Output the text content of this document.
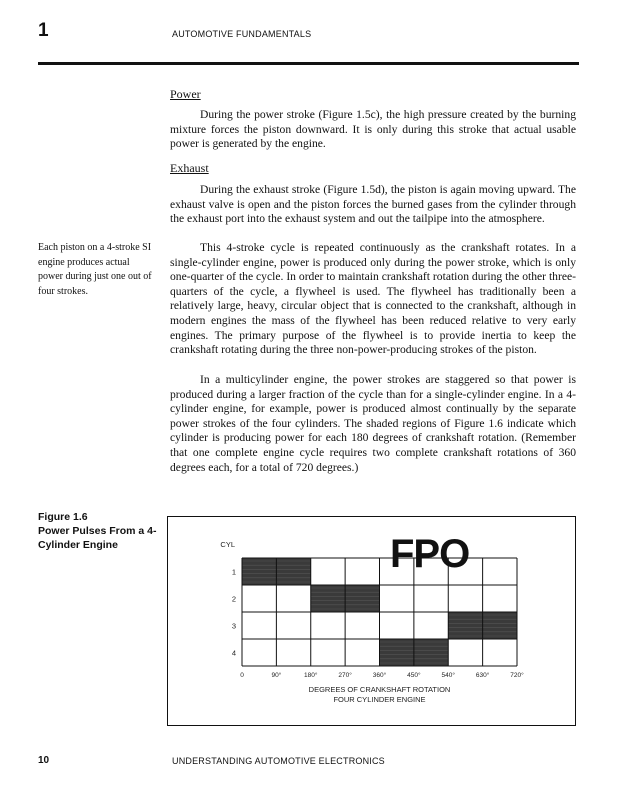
1	AUTOMOTIVE FUNDAMENTALS
Power

During the power stroke (Figure 1.5c), the high pressure created by the burning mixture forces the piston downward. It is only during this stroke that actual usable power is generated by the engine.

Exhaust

During the exhaust stroke (Figure 1.5d), the piston is again moving upward. The exhaust valve is open and the piston forces the burned gases from the cylinder through the exhaust port into the exhaust system and out the tailpipe into the atmosphere.

This 4-stroke cycle is repeated continuously as the crankshaft rotates. In a single-cylinder engine, power is produced only during the power stroke, which is only one-quarter of the cycle. In order to maintain crankshaft rotation during the other three-quarters of the cycle, a flywheel is used. The flywheel has traditionally been a relatively large, heavy, circular object that is connected to the crankshaft, although in modern engines the mass of the flywheel has been reduced relative to very early engines. The primary purpose of the flywheel is to provide inertia to keep the crankshaft rotating during the three non-power-producing strokes of the piston.

In a multicylinder engine, the power strokes are staggered so that power is produced during a larger fraction of the cycle than for a single-cylinder engine. In a 4-cylinder engine, for example, power is produced almost continually by the separate power strokes of the four cylinders. The shaded regions of Figure 1.6 indicate which cylinder is producing power for each 180 degrees of crankshaft rotation. (Remember that one complete engine cycle requires two complete crankshaft rotations of 360 degrees each, for a total of 720 degrees.)

Each piston on a 4-stroke SI engine produces actual power during just one out of four strokes.
Figure 1.6
Power Pulses From a 4-Cylinder Engine	CYL
1
2
3
4
0	90°	180°	270°	360°	450°	540°	630°	720°
DEGREES OF CRANKSHAFT ROTATION
FOUR CYLINDER ENGINE
FPO
10	UNDERSTANDING AUTOMOTIVE ELECTRONICS
